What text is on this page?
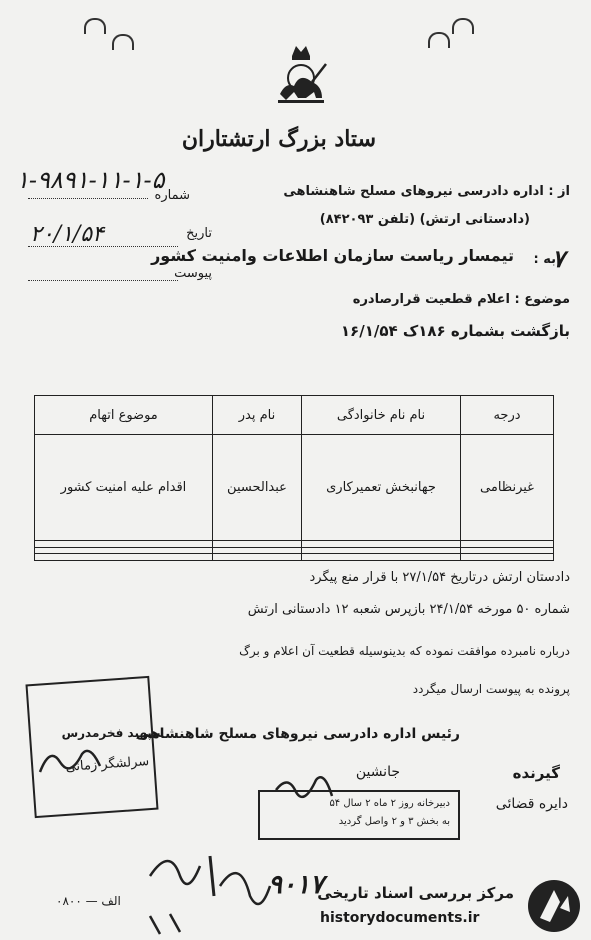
ستاد بزرگ ارتشتاران
۱-۹۸۹۱-۱۱-۱-۵
شماره
۲۰/۱/۵۴	تاریخ
پیوست
از : اداره دادرسی نیروهای مسلح شاهنشاهی
(دادستانی ارتش) (تلفن ۸۴۲۰۹۳)
۷
به :
تیمسار ریاست سازمان اطلاعات وامنیت کشور
موضوع : اعلام قطعیت قرارصادره
بازگشت بشماره ۱۸۶ک ۱۶/۱/۵۴
درجه	نام نام خانوادگی	نام پدر	موضوع اتهام
غیرنظامی	جهانبخش تعمیرکاری	عبدالحسین	اقدام علیه امنیت کشور

دادستان ارتش درتاریخ ۲۷/۱/۵۴ با قرار منع پیگرد
شماره ۵۰ مورخه ۲۴/۱/۵۴ بازپرس شعبه ۱۲ دادستانی ارتش
درباره نامبرده موافقت نموده که بدینوسیله قطعیت آن اعلام و برگ
پرونده به پیوست ارسال میگردد
رئیس اداره دادرسی نیروهای مسلح شاهنشاهی
سپهبد فخرمدرس
جانشین	گیرنده
دایره قضائی
سرلشگر زمانی
دبیرخانه روز ۲ ماه ۲ سال ۵۴
به بخش ۳ و ۲ واصل گردید
۹۰۱۷
۰۸۰۰ — الف	مرکز بررسی اسناد تاریخی
historydocuments.ir
